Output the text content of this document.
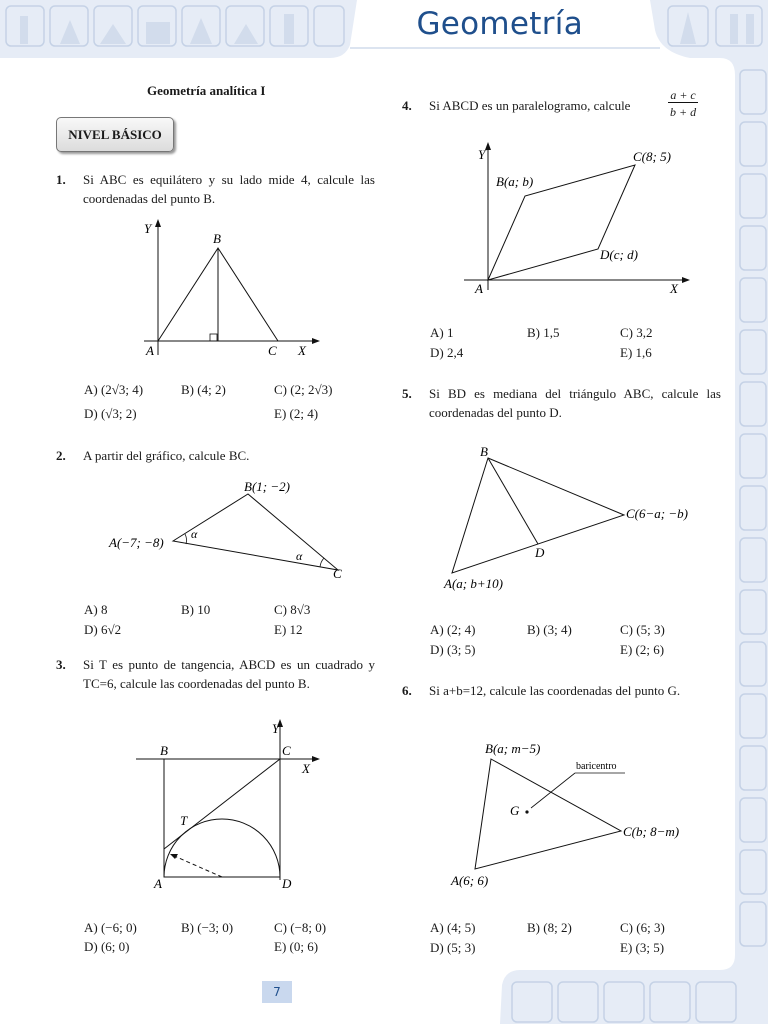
Geometría
Geometría analítica I
NIVEL BÁSICO
1. Si ABC es equilátero y su lado mide 4, calcule las coordenadas del punto B.
Y
B
A	C X
A) (2√3; 4)	B) (4; 2)	C) (2; 2√3)
D) (√3; 2)	E) (2; 4)
2. A partir del gráfico, calcule BC.
B(1; −2)
A(−7; −8)
C
α
α
A) 8	B) 10	C) 8√3
D) 6√2	E) 12
3. Si T es punto de tangencia, ABCD es un cuadrado y TC=6, calcule las coordenadas del punto B.
Y
B	C
X
T
A	D
A) (−6; 0)	B) (−3; 0)	C) (−8; 0)
D) (6; 0)	E) (0; 6)
4. Si ABCD es un paralelogramo, calcule	$\frac{a + c}{b + d}$
Y
B(a; b)
C(8; 5)
D(c; d)
A	X
A) 1	B) 1,5	C) 3,2
D) 2,4	E) 1,6
5. Si BD es mediana del triángulo ABC, calcule las coordenadas del punto D.
B
C(6−a; −b)
D
A(a; b+10)
A) (2; 4)	B) (3; 4)	C) (5; 3)
D) (3; 5)	E) (2; 6)
6. Si a+b=12, calcule las coordenadas del punto G.
B(a; m−5)
baricentro
G
C(b; 8−m)
A(6; 6)
A) (4; 5)	B) (8; 2)	C) (6; 3)
D) (5; 3)	E) (3; 5)
7
